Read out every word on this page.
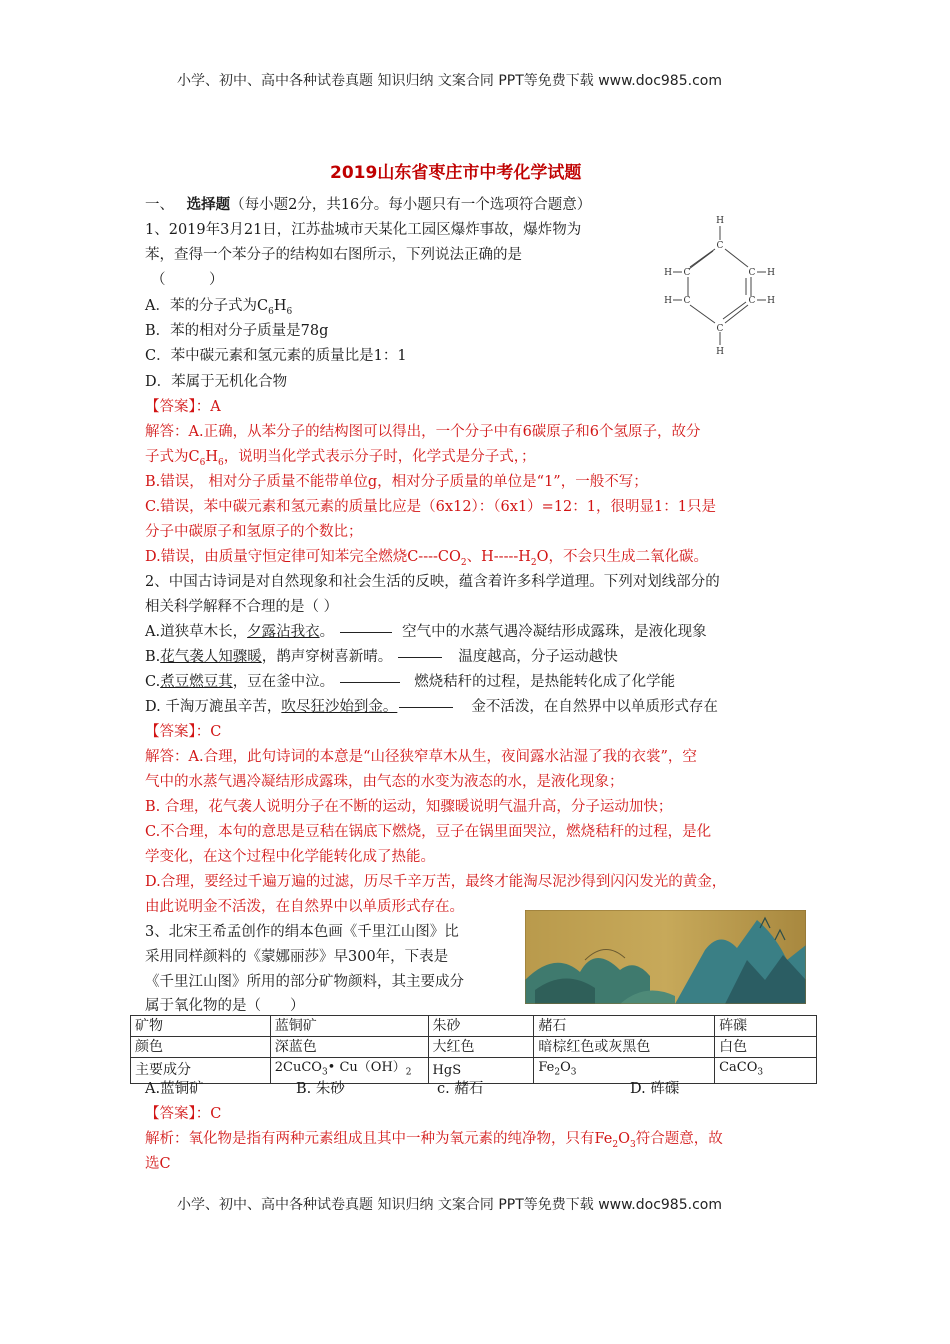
小学、初中、高中各种试卷真题 知识归纳 文案合同 PPT等免费下载 www.doc985.com
2019山东省枣庄市中考化学试题
一、 选择题（每小题2分，共16分。每小题只有一个选项符合题意）
H
C
H C	C H
H C	C H
C
H
1、2019年3月21日，江苏盐城市天某化工园区爆炸事故，爆炸物为
苯，查得一个苯分子的结构如右图所示，下列说法正确的是
（　　　）
A．苯的分子式为$C_6H_6$
B．苯的相对分子质量是78g
C．苯中碳元素和氢元素的质量比是1：1
D．苯属于无机化合物
【答案】：A
解答：A.正确，从苯分子的结构图可以得出，一个分子中有6碳原子和6个氢原子，故分
子式为$C_6H_6$，说明当化学式表示分子时，化学式是分子式，；
B.错误， 相对分子质量不能带单位g，相对分子质量的单位是“1”，一般不写；
C.错误，苯中碳元素和氢元素的质量比应是（6x12）：（6x1）=12：1，很明显1：1只是
分子中碳原子和氢原子的个数比；
D.错误，由质量守恒定律可知苯完全燃烧$C----CO_2$、$H-----H_2O$，不会只生成二氧化碳。
2、中国古诗词是对自然现象和社会生活的反映，蕴含着许多科学道理。下列对划线部分的
相关科学解释不合理的是（ ）
A.道狭草木长，夕露沾我衣。	空气中的水蒸气遇冷凝结形成露珠，是液化现象
B.花气袭人知骤暖，鹊声穿树喜新晴。	温度越高，分子运动越快
C.煮豆燃豆萁，豆在釜中泣。	燃烧秸秆的过程，是热能转化成了化学能
D. 千淘万漉虽辛苦，吹尽狂沙始到金。	金不活泼，在自然界中以单质形式存在
【答案】：C
解答：A.合理，此句诗词的本意是“山径狭窄草木从生，夜间露水沾湿了我的衣裳”，空
气中的水蒸气遇冷凝结形成露珠，由气态的水变为液态的水，是液化现象；
B. 合理，花气袭人说明分子在不断的运动，知骤暖说明气温升高，分子运动加快；
C.不合理，本句的意思是豆秸在锅底下燃烧，豆子在锅里面哭泣，燃烧秸秆的过程，是化
学变化，在这个过程中化学能转化成了热能。
D.合理，要经过千遍万遍的过滤，历尽千辛万苦，最终才能淘尽泥沙得到闪闪发光的黄金，
由此说明金不活泼，在自然界中以单质形式存在。
3、北宋王希孟创作的绢本色画《千里江山图》比
采用同样颜料的《蒙娜丽莎》早300年，下表是
《千里江山图》所用的部分矿物颜料，其主要成分
属于氧化物的是（　　）
矿物	蓝铜矿	朱砂	赭石	砗磲
颜色	深蓝色	大红色	暗棕红色或灰黑色	白色
主要成分	2CuCO$_3$• $Cu(OH)_2$	HgS	$Fe_2O_3$	CaCO$_3$
A.蓝铜矿	B. 朱砂	c. 赭石	D. 砗磲
【答案】：C
解析：氧化物是指有两种元素组成且其中一种为氧元素的纯净物，只有$Fe_2O_3$符合题意，故
选C
小学、初中、高中各种试卷真题 知识归纳 文案合同 PPT等免费下载 www.doc985.com
